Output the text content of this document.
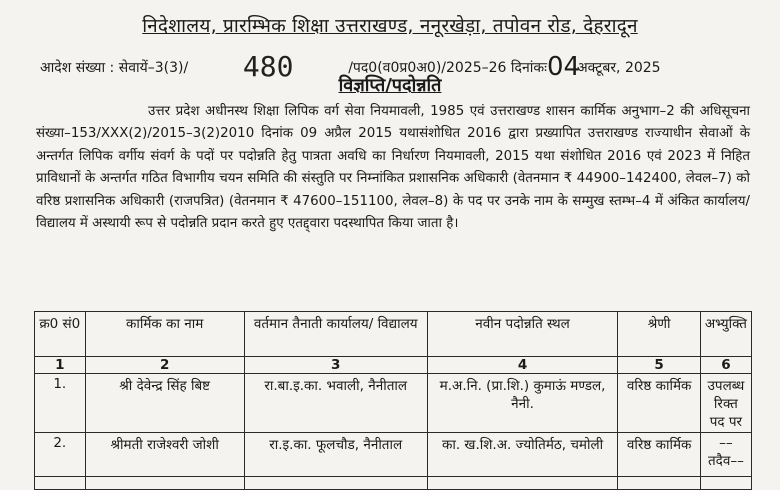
निदेशालय, प्रारम्भिक शिक्षा उत्तराखण्ड, ननूरखेड़ा, तपोवन रोड, देहरादून
आदेश संख्या : सेवायें–3(3)/ 480	/पद0(व0प्र0अ0)/2025–26 दिनांकः04अक्टूबर, 2025
विज्ञप्ति/पदोन्नति
उत्तर प्रदेश अधीनस्थ शिक्षा लिपिक वर्ग सेवा नियमावली, 1985 एवं उत्तराखण्ड शासन कार्मिक अनुभाग–2 की अधिसूचना संख्या–153/XXX(2)/2015–3(2)2010 दिनांक 09 अप्रैल 2015 यथासंशोधित 2016 द्वारा प्रख्यापित उत्तराखण्ड राज्याधीन सेवाओं के अन्तर्गत लिपिक वर्गीय संवर्ग के पदों पर पदोन्नति हेतु पात्रता अवधि का निर्धारण नियमावली, 2015 यथा संशोधित 2016 एवं 2023 में निहित प्राविधानों के अन्तर्गत गठित विभागीय चयन समिति की संस्तुति पर निम्नांकित प्रशासनिक अधिकारी (वेतनमान ₹ 44900–142400, लेवल–7) को वरिष्ठ प्रशासनिक अधिकारी (राजपत्रित) (वेतनमान ₹ 47600–151100, लेवल–8) के पद पर उनके नाम के सम्मुख स्तम्भ–4 में अंकित कार्यालय/विद्यालय में अस्थायी रूप से पदोन्नति प्रदान करते हुए एतद्द्वारा पदस्थापित किया जाता है।
क्र0 सं0	कार्मिक का नाम	वर्तमान तैनाती कार्यालय/ विद्यालय	नवीन पदोन्नति स्थल	श्रेणी	अभ्युक्ति
1	2	3	4	5	6
1.	श्री देवेन्द्र सिंह बिष्ट	रा.बा.इ.का. भवाली, नैनीताल	म.अ.नि. (प्रा.शि.) कुमाऊं मण्डल, नैनी.	वरिष्ठ कार्मिक	उपलब्ध रिक्त पद पर
2.	श्रीमती राजेश्वरी जोशी	रा.इ.का. फूलचौड, नैनीताल	का. ख.शि.अ. ज्योतिर्मठ, चमोली	वरिष्ठ कार्मिक	––तदैव––
